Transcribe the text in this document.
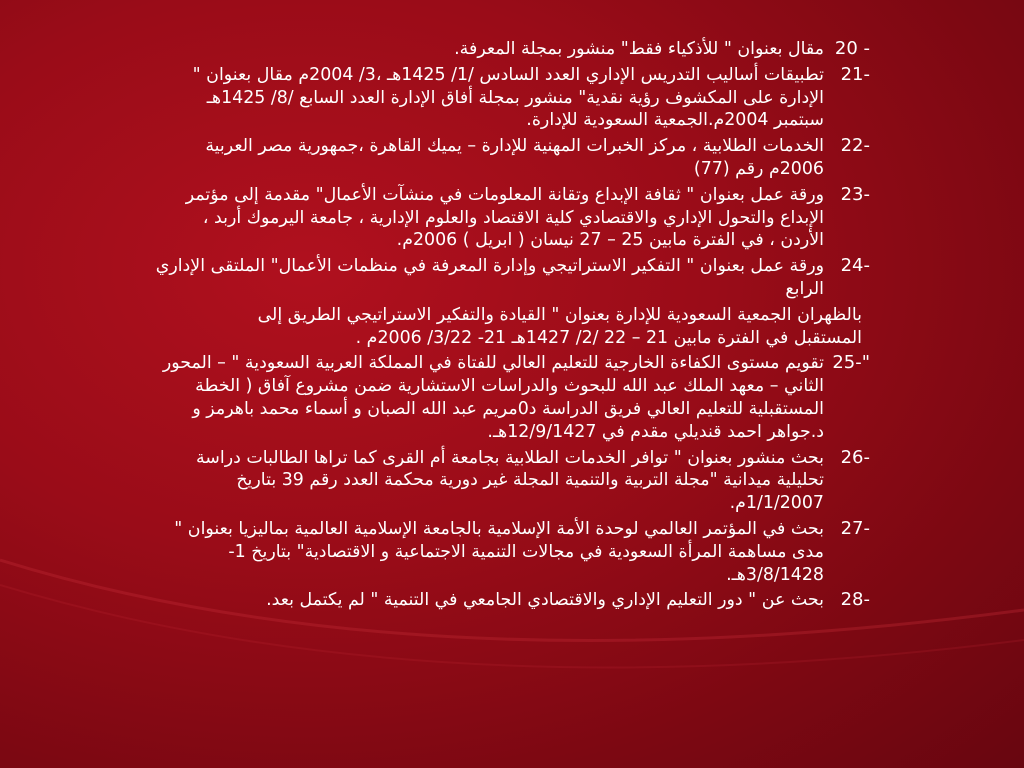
20 -
مقال بعنوان " للأذكياء فقط" منشور بمجلة المعرفة.
21-
تطبيقات أساليب التدريس الإداري العدد السادس /1/ 1425هـ ،3/ 2004م مقال بعنوان "
الإدارة على المكشوف رؤية نقدية" منشور بمجلة أفاق الإدارة العدد السابع /8/ 1425هـ
سبتمبر 2004م.الجمعية السعودية للإدارة.
22-
الخدمات الطلابية ، مركز الخبرات المهنية للإدارة – يميك القاهرة ،جمهورية مصر العربية
2006م رقم (77)
23-
ورقة عمل بعنوان " ثقافة الإبداع وتقانة المعلومات في منشآت الأعمال" مقدمة إلى مؤتمر
الإبداع والتحول الإداري والاقتصادي كلية الاقتصاد والعلوم الإدارية ، جامعة اليرموك أربد ،
الأردن ، في الفترة مابين 25 – 27 نيسان ( ابريل ) 2006م.
24-
ورقة عمل بعنوان " التفكير الاستراتيجي وإدارة المعرفة في منظمات الأعمال" الملتقى الإداري
الرابع
بالظهران الجمعية السعودية للإدارة بعنوان " القيادة والتفكير الاستراتيجي الطريق إلى
المستقبل في الفترة مابين 21 – 22 /2/ 1427هـ 21- 3/22/ 2006م .
25-"
تقويم مستوى الكفاءة الخارجية للتعليم العالي للفتاة في المملكة العربية السعودية " – المحور
الثاني – معهد الملك عبد الله للبحوث والدراسات الاستشارية ضمن مشروع آفاق ( الخطة
المستقبلية للتعليم العالي فريق الدراسة د0مريم عبد الله الصبان و أسماء محمد باهرمز و
د.جواهر احمد قنديلي مقدم في 12/9/1427هـ.
26-
بحث منشور بعنوان " توافر الخدمات الطلابية بجامعة أم القرى كما تراها الطالبات دراسة
تحليلية ميدانية "مجلة التربية والتنمية المجلة غير دورية محكمة العدد رقم 39 بتاريخ
1/1/2007م.
27-
بحث في المؤتمر العالمي لوحدة الأمة الإسلامية بالجامعة الإسلامية العالمية بماليزيا بعنوان "
مدى مساهمة المرأة السعودية في مجالات التنمية الاجتماعية و الاقتصادية" بتاريخ 1-
3/8/1428هـ.
28-
بحث عن " دور التعليم الإداري والاقتصادي الجامعي في التنمية " لم يكتمل بعد.
